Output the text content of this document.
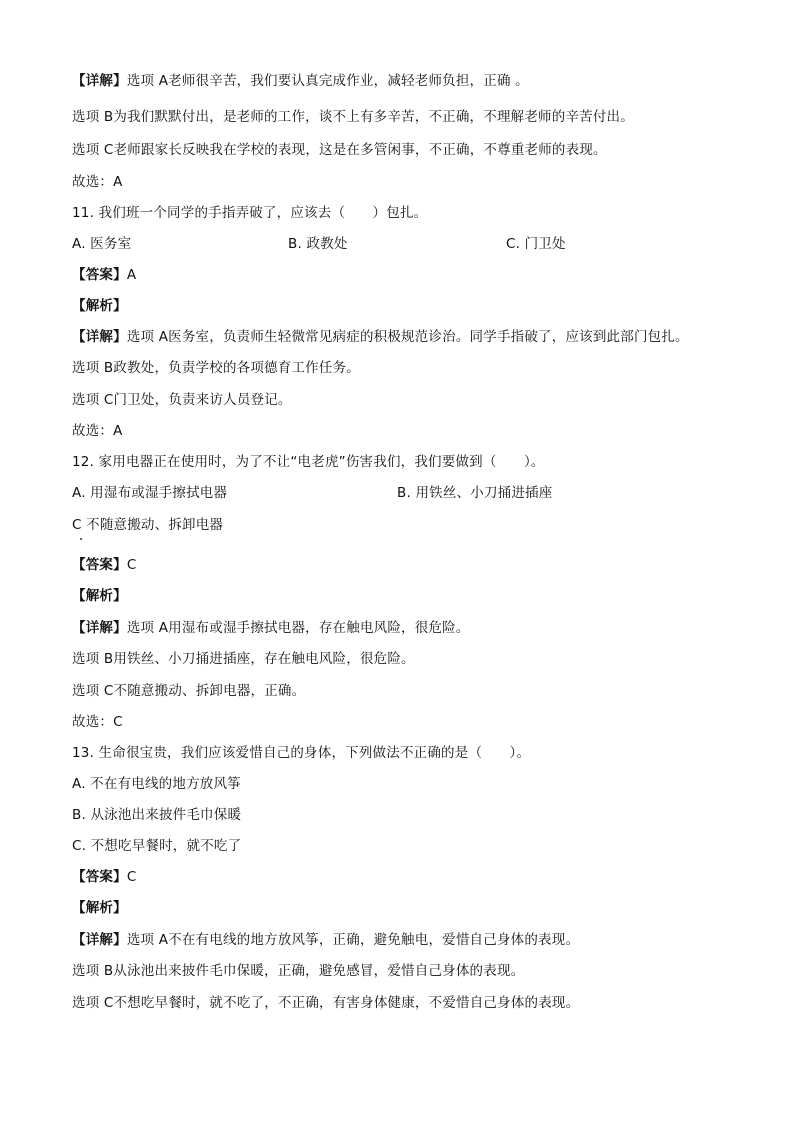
【详解】选项 A老师很辛苦，我们要认真完成作业，减轻老师负担，正确 。
选项 B为我们默默付出，是老师的工作，谈不上有多辛苦，不正确，不理解老师的辛苦付出。
选项 C老师跟家长反映我在学校的表现，这是在多管闲事，不正确，不尊重老师的表现。
故选：A
11. 我们班一个同学的手指弄破了，应该去（　　）包扎。
A. 医务室	B. 政教处	C. 门卫处
【答案】A
【解析】
【详解】选项 A医务室，负责师生轻微常见病症的积极规范诊治。同学手指破了，应该到此部门包扎。
选项 B政教处，负责学校的各项德育工作任务。
选项 C门卫处，负责来访人员登记。
故选：A
12. 家用电器正在使用时，为了不让“电老虎”伤害我们，我们要做到（　　）。
A. 用湿布或湿手擦拭电器	B. 用铁丝、小刀捅进插座
C 不随意搬动、拆卸电器
【答案】C
【解析】
【详解】选项 A用湿布或湿手擦拭电器，存在触电风险，很危险。
选项 B用铁丝、小刀捅进插座，存在触电风险，很危险。
选项 C不随意搬动、拆卸电器，正确。
故选：C
13. 生命很宝贵，我们应该爱惜自己的身体，下列做法不正确的是（　　）。
A. 不在有电线的地方放风筝
B. 从泳池出来披件毛巾保暖
C. 不想吃早餐时，就不吃了
【答案】C
【解析】
【详解】选项 A不在有电线的地方放风筝，正确，避免触电，爱惜自己身体的表现。
选项 B从泳池出来披件毛巾保暖，正确，避免感冒，爱惜自己身体的表现。
选项 C不想吃早餐时，就不吃了，不正确，有害身体健康，不爱惜自己身体的表现。
